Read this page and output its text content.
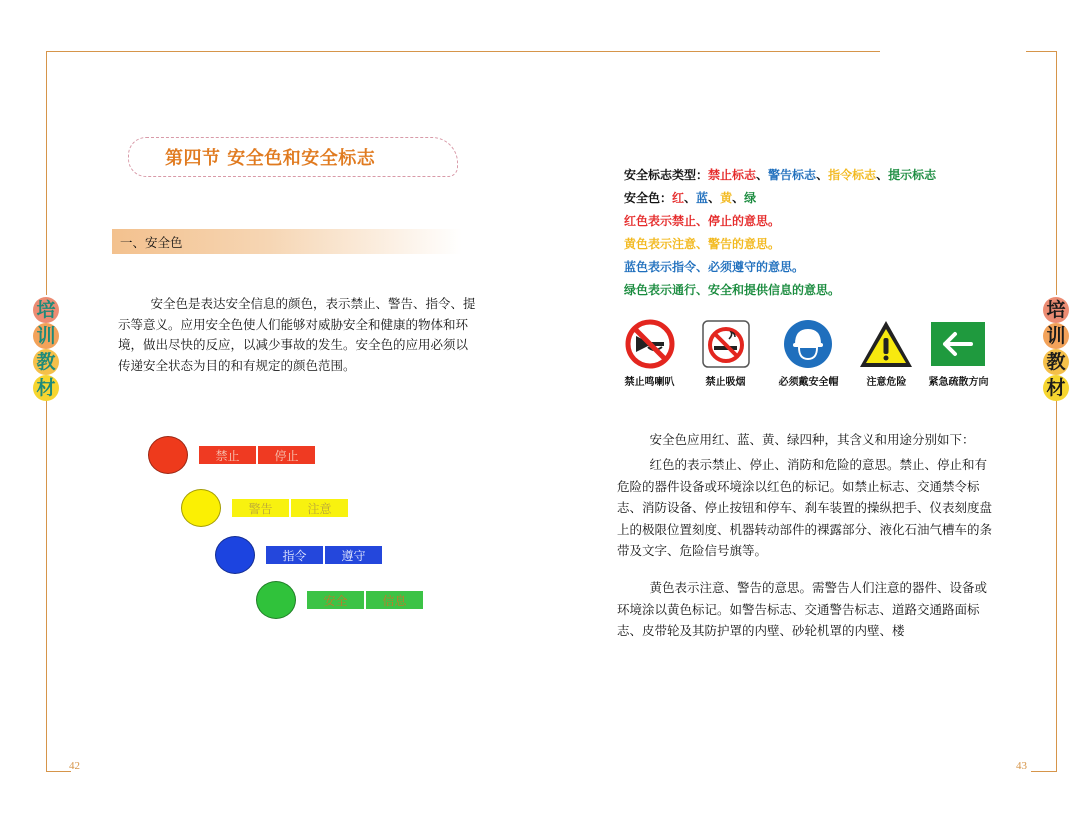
42	43
培
训
教
材
培
训
教
材
第四节 安全色和安全标志
一、安全色

安全色是表达安全信息的颜色，表示禁止、警告、指令、提示等意义。应用安全色使人们能够对威胁安全和健康的物体和环境，做出尽快的反应，以减少事故的发生。安全色的应用必须以传递安全状态为目的和有规定的颜色范围。

禁止	停止
警告	注意
指令	遵守
安全	信息
安全标志类型：禁止标志、警告标志、指令标志、提示标志
安全色：红、蓝、黄、绿
红色表示禁止、停止的意思。
黄色表示注意、警告的意思。
蓝色表示指令、必须遵守的意思。
绿色表示通行、安全和提供信息的意思。
禁止鸣喇叭	禁止吸烟	必须戴安全帽	注意危险 紧急疏散方向

安全色应用红、蓝、黄、绿四种，其含义和用途分别如下：

红色的表示禁止、停止、消防和危险的意思。禁止、停止和有危险的器件设备或环境涂以红色的标记。如禁止标志、交通禁令标志、消防设备、停止按钮和停车、刹车装置的操纵把手、仪表刻度盘上的极限位置刻度、机器转动部件的裸露部分、液化石油气槽车的条带及文字、危险信号旗等。

黄色表示注意、警告的意思。需警告人们注意的器件、设备或环境涂以黄色标记。如警告标志、交通警告标志、道路交通路面标志、皮带轮及其防护罩的内壁、砂轮机罩的内壁、楼
